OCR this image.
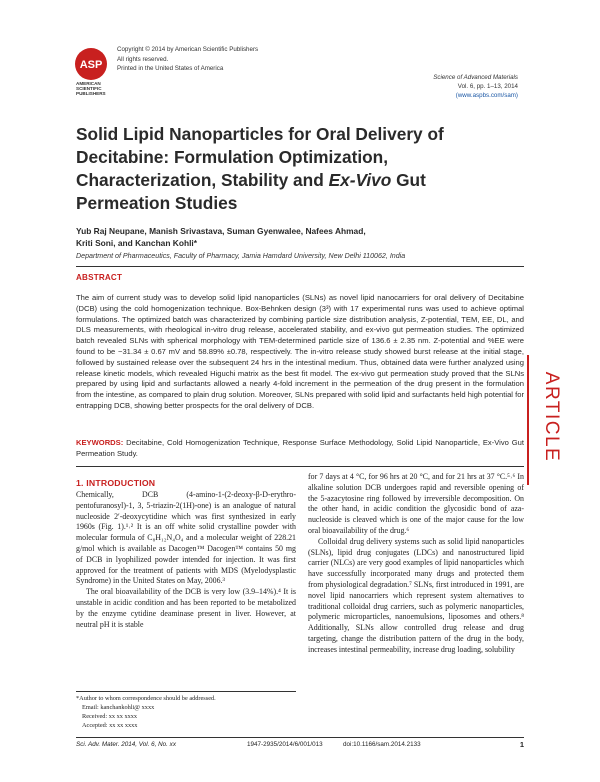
ASP
AMERICAN
SCIENTIFIC
PUBLISHERS
Copyright © 2014 by American Scientific Publishers
All rights reserved.
Printed in the United States of America
Science of Advanced Materials
Vol. 6, pp. 1–13, 2014
(www.aspbs.com/sam)
Solid Lipid Nanoparticles for Oral Delivery of Decitabine: Formulation Optimization, Characterization, Stability and Ex-Vivo Gut Permeation Studies
Yub Raj Neupane, Manish Srivastava, Suman Gyenwalee, Nafees Ahmad,
Kriti Soni, and Kanchan Kohli*
Department of Pharmaceutics, Faculty of Pharmacy, Jamia Hamdard University, New Delhi 110062, India
ABSTRACT
The aim of current study was to develop solid lipid nanoparticles (SLNs) as novel lipid nanocarriers for oral delivery of Decitabine (DCB) using the cold homogenization technique. Box-Behnken design (3³) with 17 experimental runs was used to achieve optimal formulations. The optimized batch was characterized by combining particle size distribution analysis, Z-potential, TEM, EE, DL, and DLS measurements, with rheological in-vitro drug release, accelerated stability, and ex-vivo gut permeation studies. The optimized batch revealed SLNs with spherical morphology with TEM-determined particle size of 136.6 ± 2.35 nm. Z-potential and %EE were found to be −31.34 ± 0.67 mV and 58.89% ±0.78, respectively. The in-vitro release study showed burst release at the initial stage, followed by sustained release over the subsequent 24 hrs in the intestinal medium. Thus, obtained data were further analyzed using release kinetic models, which revealed Higuchi matrix as the best fit model. The ex-vivo gut permeation study proved that the SLNs prepared by using lipid and surfactants allowed a nearly 4-fold increment in the permeation of the drug present in the formulation from the intestine, as compared to plain drug solution. Moreover, SLNs prepared with solid lipid and surfactants held high potential for entrapping DCB, showing better prospects for the oral delivery of DCB.
KEYWORDS: Decitabine, Cold Homogenization Technique, Response Surface Methodology, Solid Lipid Nanoparticle, Ex-Vivo Gut Permeation Study.	ARTICLE
1. INTRODUCTION

Chemically, DCB (4-amino-1-(2-deoxy-β-D-erythro-pentofuranosyl)-1, 3, 5-triazin-2(1H)-one) is an analogue of natural nucleoside 2′-deoxycytidine which was first synthesized in early 1960s (Fig. 1).¹˒² It is an off white solid crystalline powder with molecular formula of C₈H₁₂N₄O₄ and a molecular weight of 228.21 g/mol which is available as Dacogen™ Dacogen™ contains 50 mg of DCB in lyophilized powder intended for injection. It was first approved for the treatment of patients with MDS (Myelodysplastic Syndrome) in the United States on May, 2006.³

The oral bioavailability of the DCB is very low (3.9–14%).⁴ It is unstable in acidic condition and has been reported to be metabolized by the enzyme cytidine deaminase present in liver. However, at neutral pH it is stable

for 7 days at 4 °C, for 96 hrs at 20 °C, and for 21 hrs at 37 °C.⁵˒⁶ In alkaline solution DCB undergoes rapid and reversible opening of the 5-azacytosine ring followed by irreversible decomposition. On the other hand, in acidic condition the glycosidic bond of aza-nucleoside is cleaved which is one of the major cause for the low oral bioavailability of the drug.⁶

Colloidal drug delivery systems such as solid lipid nanoparticles (SLNs), lipid drug conjugates (LDCs) and nanostructured lipid carrier (NLCs) are very good examples of lipid nanoparticles which have successfully incorporated many drugs and protected them from physiological degradation.⁷ SLNs, first introduced in 1991, are novel lipid nanocarriers which represent system alternatives to traditional colloidal drug carriers, such as polymeric nanoparticles, polymeric microparticles, nanoemulsions, liposomes and others.⁸ Additionally, SLNs allow controlled drug release and drug targeting, change the distribution pattern of the drug in the body, increases intestinal permeability, increase drug loading, solubility

*Author to whom correspondence should be addressed.
Email: kanchankohli@ xxxx
Received: xx xx xxxx
Accepted: xx xx xxxx
Sci. Adv. Mater. 2014, Vol. 6, No. xx	1947-2935/2014/6/001/013	doi:10.1166/sam.2014.2133	1
